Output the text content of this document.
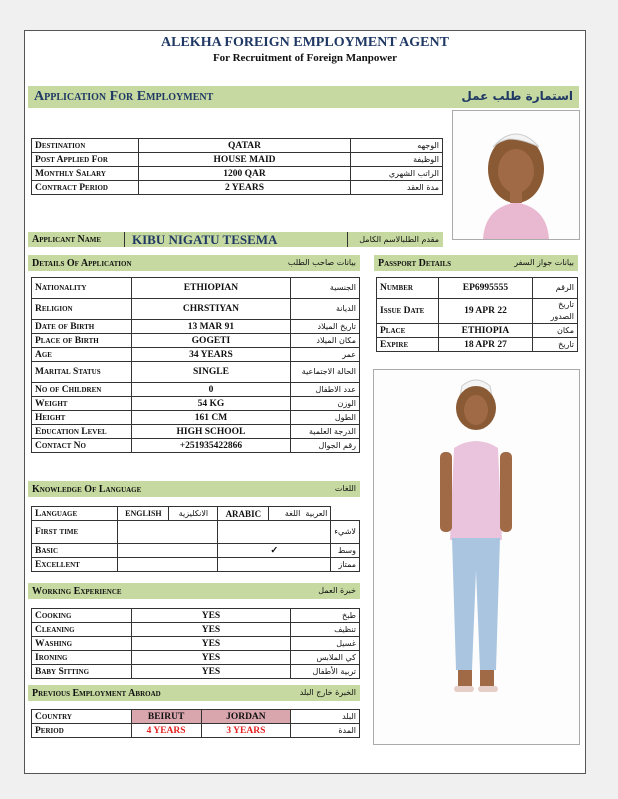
ALEKHA FOREIGN EMPLOYMENT AGENT
For Recruitment of Foreign Manpower
Application For Employment	استمارة طلب عمل
Destination	QATAR	الوجهه
Post Applied For	HOUSE MAID	الوظيفة
Monthly Salary	1200 QAR	الراتب الشهري
Contract Period	2 YEARS	مدة العقد
Applicant Name KIBU NIGATU TESEMA	مقدم الطلبالاسم الكامل
Details Of Application	بيانات صاحب الطلب
Nationality	ETHIOPIAN	الجنسية
Religion	CHRSTIYAN	الديانة
Date of Birth	13 MAR 91	تاريخ الميلاد
Place of Birth	GOGETI	مكان الميلاد
Age	34 YEARS	عمر
Marital Status	SINGLE	الحالة الاجتماعية
No of Children	0	عدد الاطفال
Weight	54 KG	الوزن
Height	161 CM	الطول
Education Level	HIGH SCHOOL	الدرجة العلمية
Contact No	+251935422866	رقم الجوال
Passport Details	بيانات جواز السفر
Number	EP6995555	الرقم
Issue Date	19 APR 22	تاريخ الصدور
Place	ETHIOPIA	مكان
Expire	18 APR 27	تاريخ
Knowledge Of Language	اللغات
Language	ENGLISH	الانكليزية	ARABIC	العربية  اللغة	
First time					لاشيء
Basic			✓		وسط
Excellent					ممتاز
Working Experience	خبرة العمل
Cooking	YES	طبخ
Cleaning	YES	تنظيف
Washing	YES	غسيل
Ironing	YES	كي الملابس
Baby Sitting	YES	تربية الأطفال
Previous Employment Abroad	الخبرة خارج البلد
Country	BEIRUT	JORDAN	البلد
Period	4 YEARS	3 YEARS	المدة
